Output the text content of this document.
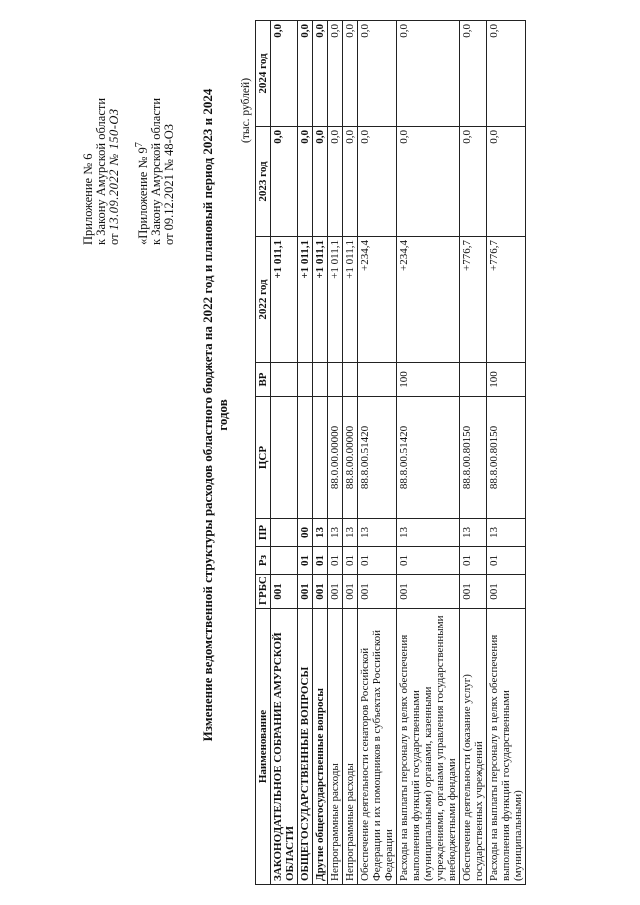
Приложение № 6 к Закону Амурской области от 13.09.2022 № 150-ОЗ «Приложение № $9^7$ к Закону Амурской области от 09.12.2021 № 48-ОЗ Изменение ведомственной структуры расходов областного бюджета на 2022 год и плановый период 2023 и 2024 годов
(тыс. рублей)
Наименование	ГРБС	Рз	ПР	ЦСР	ВР	2022 год	2023 год	2024 год
ЗАКОНОДАТЕЛЬНОЕ СОБРАНИЕ АМУРСКОЙ ОБЛАСТИ	001					+1 011,1	0,0	0,0
ОБЩЕГОСУДАРСТВЕННЫЕ ВОПРОСЫ	001	01	00			+1 011,1	0,0	0,0
Другие общегосударственные вопросы	001	01	13			+1 011,1	0,0	0,0
Непрограммные расходы	001	01	13	88.0.00.00000		+1 011,1	0,0	0,0
Непрограммные расходы	001	01	13	88.8.00.00000		+1 011,1	0,0	0,0
Обеспечение деятельности сенаторов Российской Федерации и их помощников в субъектах Российской Федерации	001	01	13	88.8.00.51420		+234,4	0,0	0,0
Расходы на выплаты персоналу в целях обеспечения выполнения функций государственными (муниципальными) органами, казенными учреждениями, органами управления государственными внебюджетными фондами	001	01	13	88.8.00.51420	100	+234,4	0,0	0,0
Обеспечение деятельности (оказание услуг) государственных учреждений	001	01	13	88.8.00.80150		+776,7	0,0	0,0
Расходы на выплаты персоналу в целях обеспечения выполнения функций государственными (муниципальными)	001	01	13	88.8.00.80150	100	+776,7	0,0	0,0
